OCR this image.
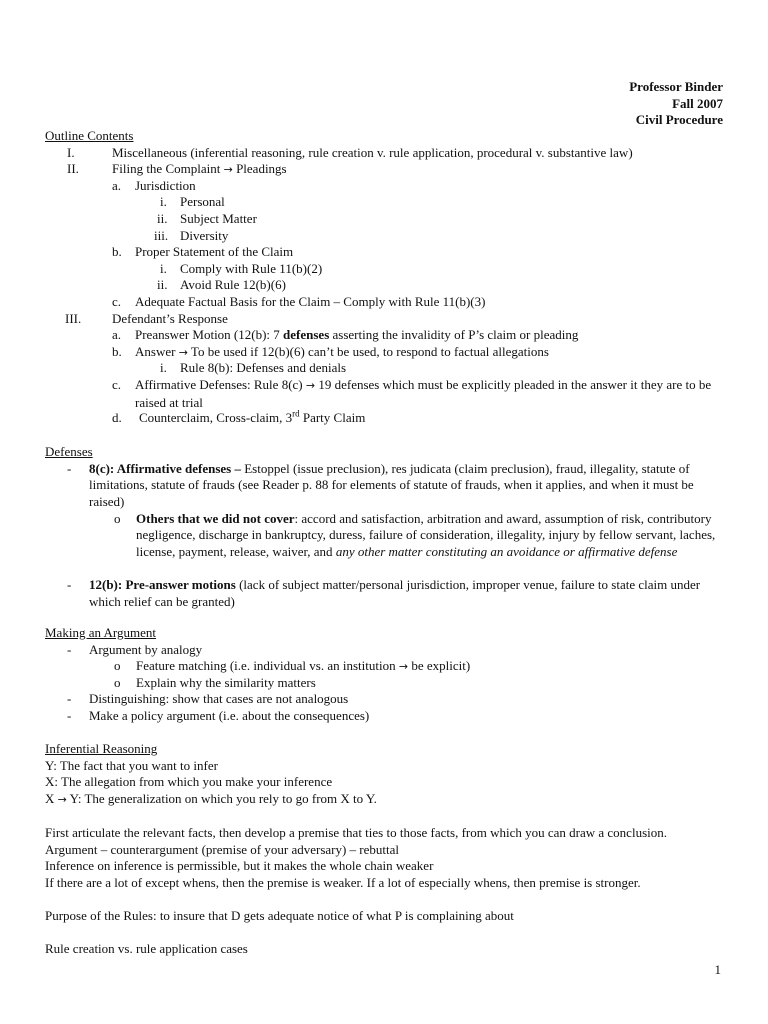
Professor Binder
Fall 2007
Civil Procedure
Outline Contents
I.	Miscellaneous (inferential reasoning, rule creation v. rule application, procedural v. substantive law)
II.	Filing the Complaint → Pleadings
a. Jurisdiction
i. Personal
ii. Subject Matter
iii. Diversity
b. Proper Statement of the Claim
i. Comply with Rule 11(b)(2)
ii. Avoid Rule 12(b)(6)
c. Adequate Factual Basis for the Claim – Comply with Rule 11(b)(3)
III. Defendant’s Response
a. Preanswer Motion (12(b): 7 defenses asserting the invalidity of P’s claim or pleading
b. Answer → To be used if 12(b)(6) can’t be used, to respond to factual allegations
i. Rule 8(b): Defenses and denials
c. Affirmative Defenses: Rule 8(c) → 19 defenses which must be explicitly pleaded in the answer it they are to be raised at trial
d. Counterclaim, Cross-claim, 3rd Party Claim
Defenses
- 8(c): Affirmative defenses – Estoppel (issue preclusion), res judicata (claim preclusion), fraud, illegality, statute of limitations, statute of frauds (see Reader p. 88 for elements of statute of frauds, when it applies, and when it must be raised)
o Others that we did not cover: accord and satisfaction, arbitration and award, assumption of risk, contributory negligence, discharge in bankruptcy, duress, failure of consideration, illegality, injury by fellow servant, laches, license, payment, release, waiver, and any other matter constituting an avoidance or affirmative defense
- 12(b): Pre-answer motions (lack of subject matter/personal jurisdiction, improper venue, failure to state claim under which relief can be granted)
Making an Argument
- Argument by analogy
o Feature matching (i.e. individual vs. an institution → be explicit)
o Explain why the similarity matters
- Distinguishing: show that cases are not analogous
- Make a policy argument (i.e. about the consequences)

Inferential Reasoning

Y: The fact that you want to infer

X: The allegation from which you make your inference

X → Y: The generalization on which you rely to go from X to Y.

First articulate the relevant facts, then develop a premise that ties to those facts, from which you can draw a conclusion.

Argument – counterargument (premise of your adversary) – rebuttal

Inference on inference is permissible, but it makes the whole chain weaker

If there are a lot of except whens, then the premise is weaker. If a lot of especially whens, then premise is stronger.

Purpose of the Rules: to insure that D gets adequate notice of what P is complaining about

Rule creation vs. rule application cases

1
